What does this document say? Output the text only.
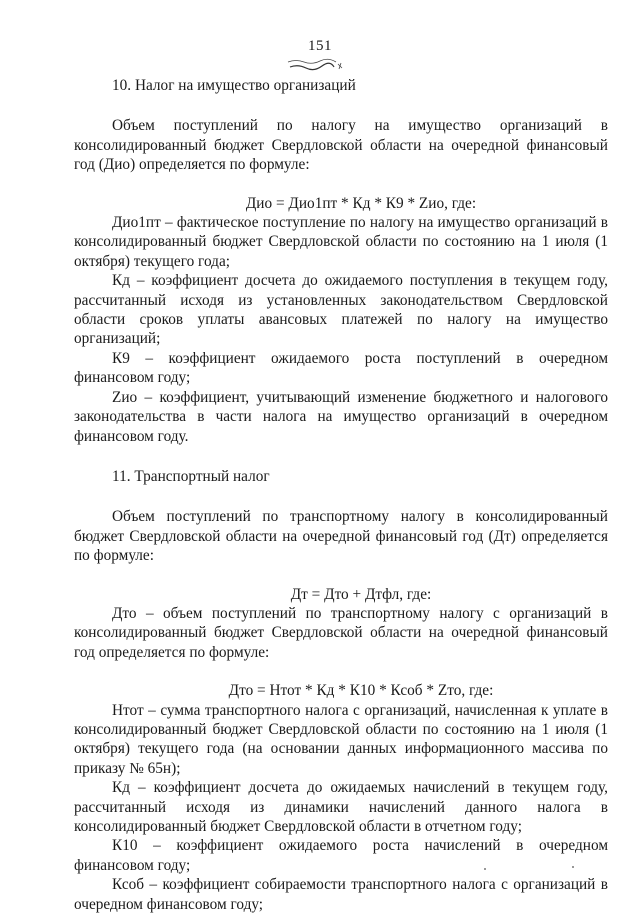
151

10. Налог на имущество организаций

Объем поступлений по налогу на имущество организаций в консолидированный бюджет Свердловской области на очередной финансовый год (Дио) определяется по формуле:

Дио = Дио1пт * Кд * К9 * Zио, где:

Дио1пт – фактическое поступление по налогу на имущество организаций в консолидированный бюджет Свердловской области по состоянию на 1 июля (1 октября) текущего года;

Кд – коэффициент досчета до ожидаемого поступления в текущем году, рассчитанный исходя из установленных законодательством Свердловской области сроков уплаты авансовых платежей по налогу на имущество организаций;

К9 – коэффициент ожидаемого роста поступлений в очередном финансовом году;

Zио – коэффициент, учитывающий изменение бюджетного и налогового законодательства в части налога на имущество организаций в очередном финансовом году.

11. Транспортный налог

Объем поступлений по транспортному налогу в консолидированный бюджет Свердловской области на очередной финансовый год (Дт) определяется по формуле:

Дт = Дто + Дтфл, где:

Дто – объем поступлений по транспортному налогу с организаций в консолидированный бюджет Свердловской области на очередной финансовый год определяется по формуле:

Дто = Нтот * Кд * К10 * Ксоб * Zто, где:

Нтот – сумма транспортного налога с организаций, начисленная к уплате в консолидированный бюджет Свердловской области по состоянию на 1 июля (1 октября) текущего года (на основании данных информационного массива по приказу № 65н);

Кд – коэффициент досчета до ожидаемых начислений в текущем году, рассчитанный исходя из динамики начислений данного налога в консолидированный бюджет Свердловской области в отчетном году;

К10 – коэффициент ожидаемого роста начислений в очередном финансовом году;

Ксоб – коэффициент собираемости транспортного налога с организаций в очередном финансовом году;
